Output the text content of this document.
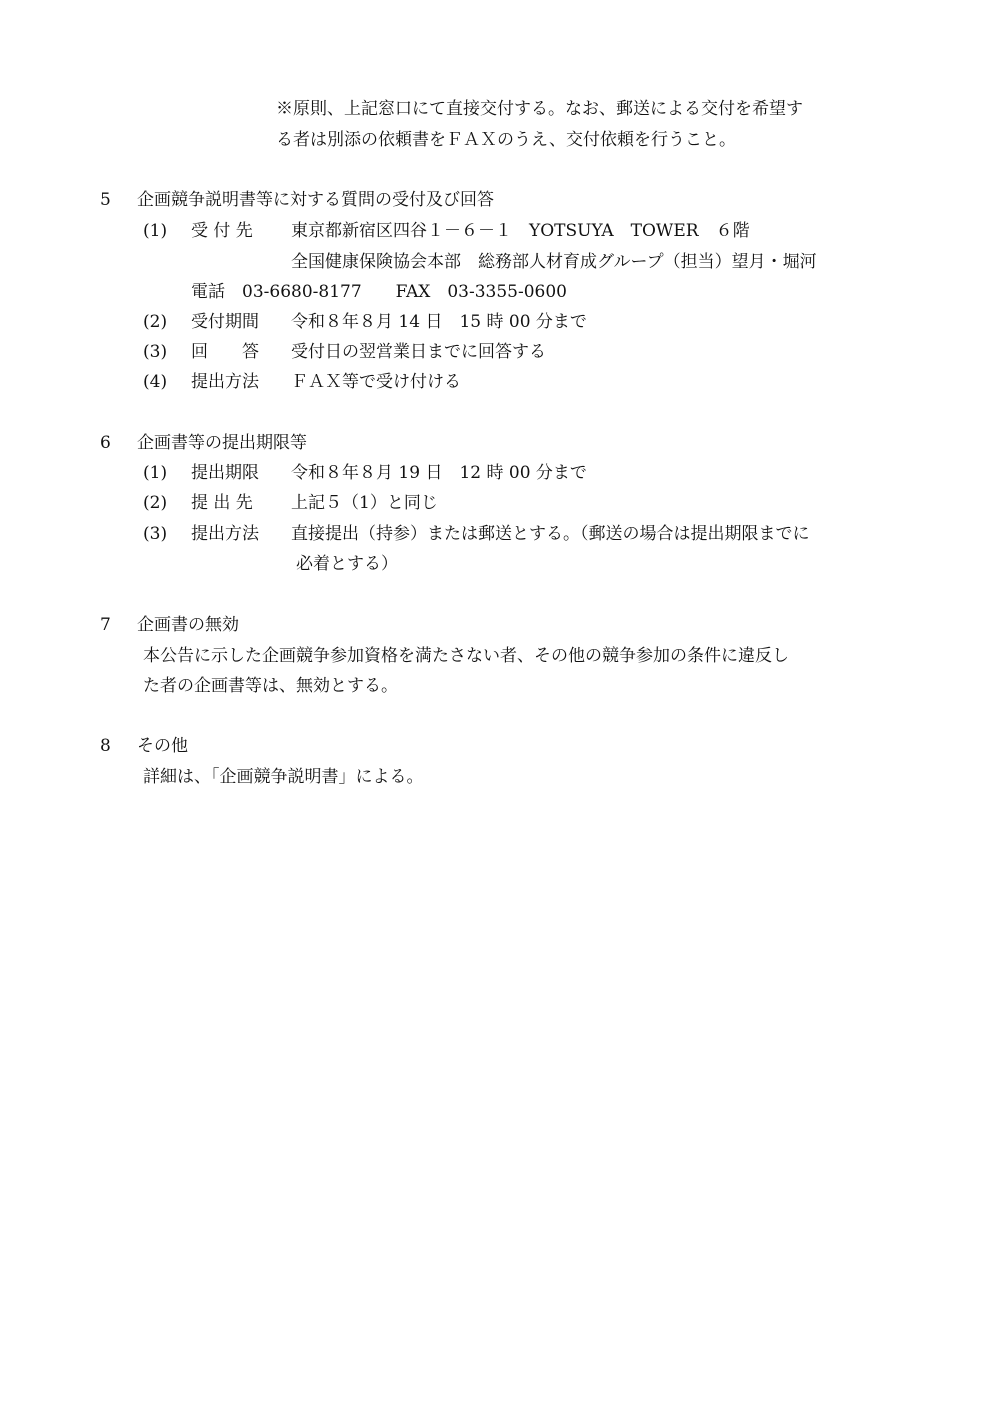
※原則、上記窓口にて直接交付する。なお、郵送による交付を希望す

る者は別添の依頼書をＦＡＸのうえ、交付依頼を行うこと。

5 企画競争説明書等に対する質問の受付及び回答

(1) 受 付 先 東京都新宿区四谷１－６－１　YOTSUYA　TOWER　６階

全国健康保険協会本部　総務部人材育成グループ（担当）望月・堀河

電話　03-6680-8177　　FAX　03-3355-0600

(2) 受付期間 令和８年８月 14 日　15 時 00 分まで

(3) 回　　答 受付日の翌営業日までに回答する

(4) 提出方法 ＦＡＸ等で受け付ける

6 企画書等の提出期限等

(1) 提出期限 令和８年８月 19 日　12 時 00 分まで

(2) 提 出 先 上記５（1）と同じ

(3) 提出方法 直接提出（持参）または郵送とする。（郵送の場合は提出期限までに

必着とする）

7 企画書の無効

本公告に示した企画競争参加資格を満たさない者、その他の競争参加の条件に違反し

た者の企画書等は、無効とする。

8 その他

詳細は、「企画競争説明書」による。
